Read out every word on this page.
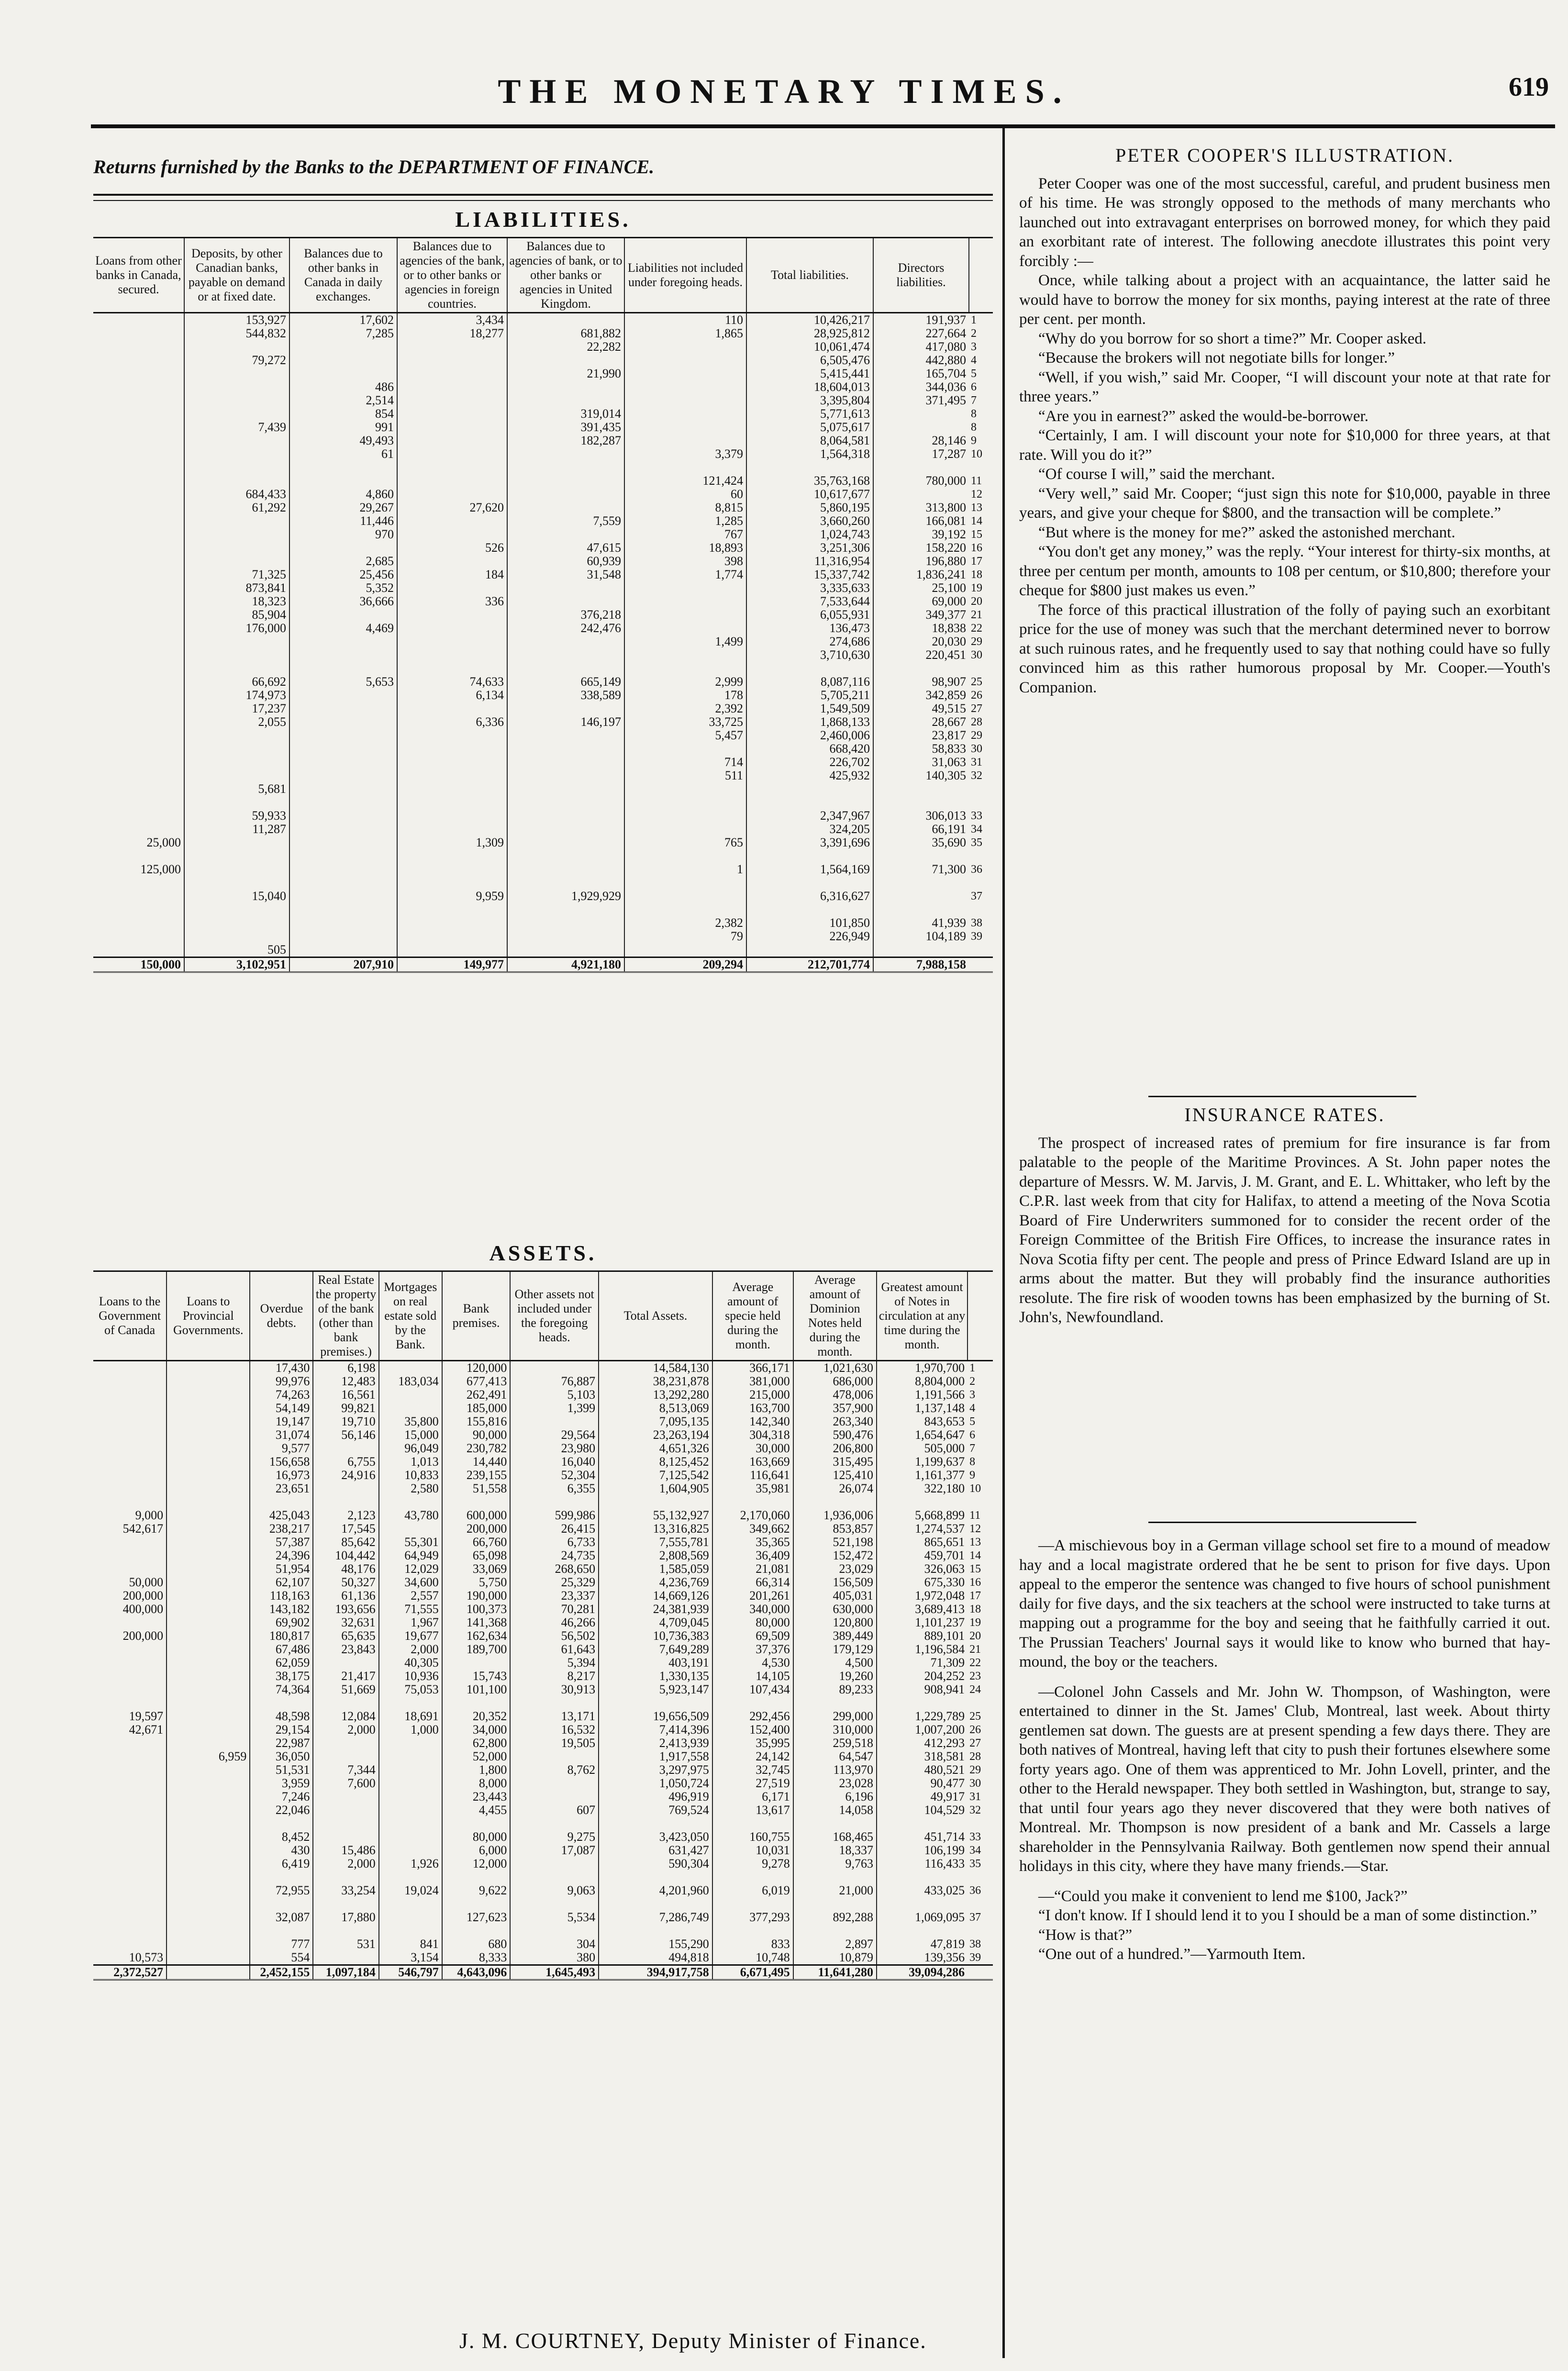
THE MONETARY TIMES.	619
Returns furnished by the Banks to the DEPARTMENT OF FINANCE.
LIABILITIES.
Loans from other banks in Canada, secured.	Deposits, by other Canadian banks, payable on demand or at fixed date.	Balances due to other banks in Canada in daily exchanges.	Balances due to agencies of the bank, or to other banks or agencies in foreign countries.	Balances due to agencies of bank, or to other banks or agencies in United Kingdom.	Liabilities not included under foregoing heads.	Total liabilities.	Directors liabilities.	
	153,927	17,602	3,434		110	10,426,217	191,937	1
	544,832	7,285	18,277	681,882	1,865	28,925,812	227,664	2
				22,282		10,061,474	417,080	3
	79,272					6,505,476	442,880	4
				21,990		5,415,441	165,704	5
		486				18,604,013	344,036	6
		2,514				3,395,804	371,495	7
		854		319,014		5,771,613		8
	7,439	991		391,435		5,075,617		8
		49,493		182,287		8,064,581	28,146	9
		61			3,379	1,564,318	17,287	10

					121,424	35,763,168	780,000	11
	684,433	4,860			60	10,617,677		12
	61,292	29,267	27,620		8,815	5,860,195	313,800	13
		11,446		7,559	1,285	3,660,260	166,081	14
		970			767	1,024,743	39,192	15
			526	47,615	18,893	3,251,306	158,220	16
		2,685		60,939	398	11,316,954	196,880	17
	71,325	25,456	184	31,548	1,774	15,337,742	1,836,241	18
	873,841	5,352				3,335,633	25,100	19
	18,323	36,666	336			7,533,644	69,000	20
	85,904			376,218		6,055,931	349,377	21
	176,000	4,469		242,476		136,473	18,838	22
					1,499	274,686	20,030	29
						3,710,630	220,451	30

	66,692	5,653	74,633	665,149	2,999	8,087,116	98,907	25
	174,973		6,134	338,589	178	5,705,211	342,859	26
	17,237				2,392	1,549,509	49,515	27
	2,055		6,336	146,197	33,725	1,868,133	28,667	28
					5,457	2,460,006	23,817	29
						668,420	58,833	30
					714	226,702	31,063	31
					511	425,932	140,305	32
	5,681							

	59,933					2,347,967	306,013	33
	11,287					324,205	66,191	34
25,000			1,309		765	3,391,696	35,690	35

125,000					1	1,564,169	71,300	36

	15,040		9,959	1,929,929		6,316,627		37

					2,382	101,850	41,939	38
					79	226,949	104,189	39
	505							
150,000	3,102,951	207,910	149,977	4,921,180	209,294	212,701,774	7,988,158	
ASSETS.
Loans to the Government of Canada	Loans to Provincial Governments.	Overdue debts.	Real Estate the property of the bank (other than bank premises.)	Mortgages on real estate sold by the Bank.	Bank premises.	Other assets not included under the foregoing heads.	Total Assets.	Average amount of specie held during the month.	Average amount of Dominion Notes held during the month.	Greatest amount of Notes in circulation at any time during the month.	
		17,430	6,198		120,000		14,584,130	366,171	1,021,630	1,970,700	1
		99,976	12,483	183,034	677,413	76,887	38,231,878	381,000	686,000	8,804,000	2
		74,263	16,561		262,491	5,103	13,292,280	215,000	478,006	1,191,566	3
		54,149	99,821		185,000	1,399	8,513,069	163,700	357,900	1,137,148	4
		19,147	19,710	35,800	155,816		7,095,135	142,340	263,340	843,653	5
		31,074	56,146	15,000	90,000	29,564	23,263,194	304,318	590,476	1,654,647	6
		9,577		96,049	230,782	23,980	4,651,326	30,000	206,800	505,000	7
		156,658	6,755	1,013	14,440	16,040	8,125,452	163,669	315,495	1,199,637	8
		16,973	24,916	10,833	239,155	52,304	7,125,542	116,641	125,410	1,161,377	9
		23,651		2,580	51,558	6,355	1,604,905	35,981	26,074	322,180	10

9,000		425,043	2,123	43,780	600,000	599,986	55,132,927	2,170,060	1,936,006	5,668,899	11
542,617		238,217	17,545		200,000	26,415	13,316,825	349,662	853,857	1,274,537	12
		57,387	85,642	55,301	66,760	6,733	7,555,781	35,365	521,198	865,651	13
		24,396	104,442	64,949	65,098	24,735	2,808,569	36,409	152,472	459,701	14
		51,954	48,176	12,029	33,069	268,650	1,585,059	21,081	23,029	326,063	15
50,000		62,107	50,327	34,600	5,750	25,329	4,236,769	66,314	156,509	675,330	16
200,000		118,163	61,136	2,557	190,000	23,337	14,669,126	201,261	405,031	1,972,048	17
400,000		143,182	193,656	71,555	100,373	70,281	24,381,939	340,000	630,000	3,689,413	18
		69,902	32,631	1,967	141,368	46,266	4,709,045	80,000	120,800	1,101,237	19
200,000		180,817	65,635	19,677	162,634	56,502	10,736,383	69,509	389,449	889,101	20
		67,486	23,843	2,000	189,700	61,643	7,649,289	37,376	179,129	1,196,584	21
		62,059		40,305		5,394	403,191	4,530	4,500	71,309	22
		38,175	21,417	10,936	15,743	8,217	1,330,135	14,105	19,260	204,252	23
		74,364	51,669	75,053	101,100	30,913	5,923,147	107,434	89,233	908,941	24

19,597		48,598	12,084	18,691	20,352	13,171	19,656,509	292,456	299,000	1,229,789	25
42,671		29,154	2,000	1,000	34,000	16,532	7,414,396	152,400	310,000	1,007,200	26
		22,987			62,800	19,505	2,413,939	35,995	259,518	412,293	27
	6,959	36,050			52,000		1,917,558	24,142	64,547	318,581	28
		51,531	7,344		1,800	8,762	3,297,975	32,745	113,970	480,521	29
		3,959	7,600		8,000		1,050,724	27,519	23,028	90,477	30
		7,246			23,443		496,919	6,171	6,196	49,917	31
		22,046			4,455	607	769,524	13,617	14,058	104,529	32

		8,452			80,000	9,275	3,423,050	160,755	168,465	451,714	33
		430	15,486		6,000	17,087	631,427	10,031	18,337	106,199	34
		6,419	2,000	1,926	12,000		590,304	9,278	9,763	116,433	35

		72,955	33,254	19,024	9,622	9,063	4,201,960	6,019	21,000	433,025	36

		32,087	17,880		127,623	5,534	7,286,749	377,293	892,288	1,069,095	37

		777	531	841	680	304	155,290	833	2,897	47,819	38
10,573		554		3,154	8,333	380	494,818	10,748	10,879	139,356	39
2,372,527		2,452,155	1,097,184	546,797	4,643,096	1,645,493	394,917,758	6,671,495	11,641,280	39,094,286	
J. M. COURTNEY, Deputy Minister of Finance.
PETER COOPER'S ILLUSTRATION.

Peter Cooper was one of the most successful, careful, and prudent business men of his time. He was strongly opposed to the methods of many merchants who launched out into extravagant enterprises on borrowed money, for which they paid an exorbitant rate of interest. The following anecdote illustrates this point very forcibly :—

Once, while talking about a project with an acquaintance, the latter said he would have to borrow the money for six months, paying interest at the rate of three per cent. per month.

“Why do you borrow for so short a time?” Mr. Cooper asked.

“Because the brokers will not negotiate bills for longer.”

“Well, if you wish,” said Mr. Cooper, “I will discount your note at that rate for three years.”

“Are you in earnest?” asked the would-be-borrower.

“Certainly, I am. I will discount your note for $10,000 for three years, at that rate. Will you do it?”

“Of course I will,” said the merchant.

“Very well,” said Mr. Cooper; “just sign this note for $10,000, payable in three years, and give your cheque for $800, and the transaction will be complete.”

“But where is the money for me?” asked the astonished merchant.

“You don't get any money,” was the reply. “Your interest for thirty-six months, at three per centum per month, amounts to 108 per centum, or $10,800; therefore your cheque for $800 just makes us even.”

The force of this practical illustration of the folly of paying such an exorbitant price for the use of money was such that the merchant determined never to borrow at such ruinous rates, and he frequently used to say that nothing could have so fully convinced him as this rather humorous proposal by Mr. Cooper.—Youth's Companion.

INSURANCE RATES.

The prospect of increased rates of premium for fire insurance is far from palatable to the people of the Maritime Provinces. A St. John paper notes the departure of Messrs. W. M. Jarvis, J. M. Grant, and E. L. Whittaker, who left by the C.P.R. last week from that city for Halifax, to attend a meeting of the Nova Scotia Board of Fire Underwriters summoned for to consider the recent order of the Foreign Committee of the British Fire Offices, to increase the insurance rates in Nova Scotia fifty per cent. The people and press of Prince Edward Island are up in arms about the matter. But they will probably find the insurance authorities resolute. The fire risk of wooden towns has been emphasized by the burning of St. John's, Newfoundland.

—A mischievous boy in a German village school set fire to a mound of meadow hay and a local magistrate ordered that he be sent to prison for five days. Upon appeal to the emperor the sentence was changed to five hours of school punishment daily for five days, and the six teachers at the school were instructed to take turns at mapping out a programme for the boy and seeing that he faithfully carried it out. The Prussian Teachers' Journal says it would like to know who burned that hay-mound, the boy or the teachers.

—Colonel John Cassels and Mr. John W. Thompson, of Washington, were entertained to dinner in the St. James' Club, Montreal, last week. About thirty gentlemen sat down. The guests are at present spending a few days there. They are both natives of Montreal, having left that city to push their fortunes elsewhere some forty years ago. One of them was apprenticed to Mr. John Lovell, printer, and the other to the Herald newspaper. They both settled in Washington, but, strange to say, that until four years ago they never discovered that they were both natives of Montreal. Mr. Thompson is now president of a bank and Mr. Cassels a large shareholder in the Pennsylvania Railway. Both gentlemen now spend their annual holidays in this city, where they have many friends.—Star.

—“Could you make it convenient to lend me $100, Jack?”

“I don't know. If I should lend it to you I should be a man of some distinction.”

“How is that?”

“One out of a hundred.”—Yarmouth Item.
